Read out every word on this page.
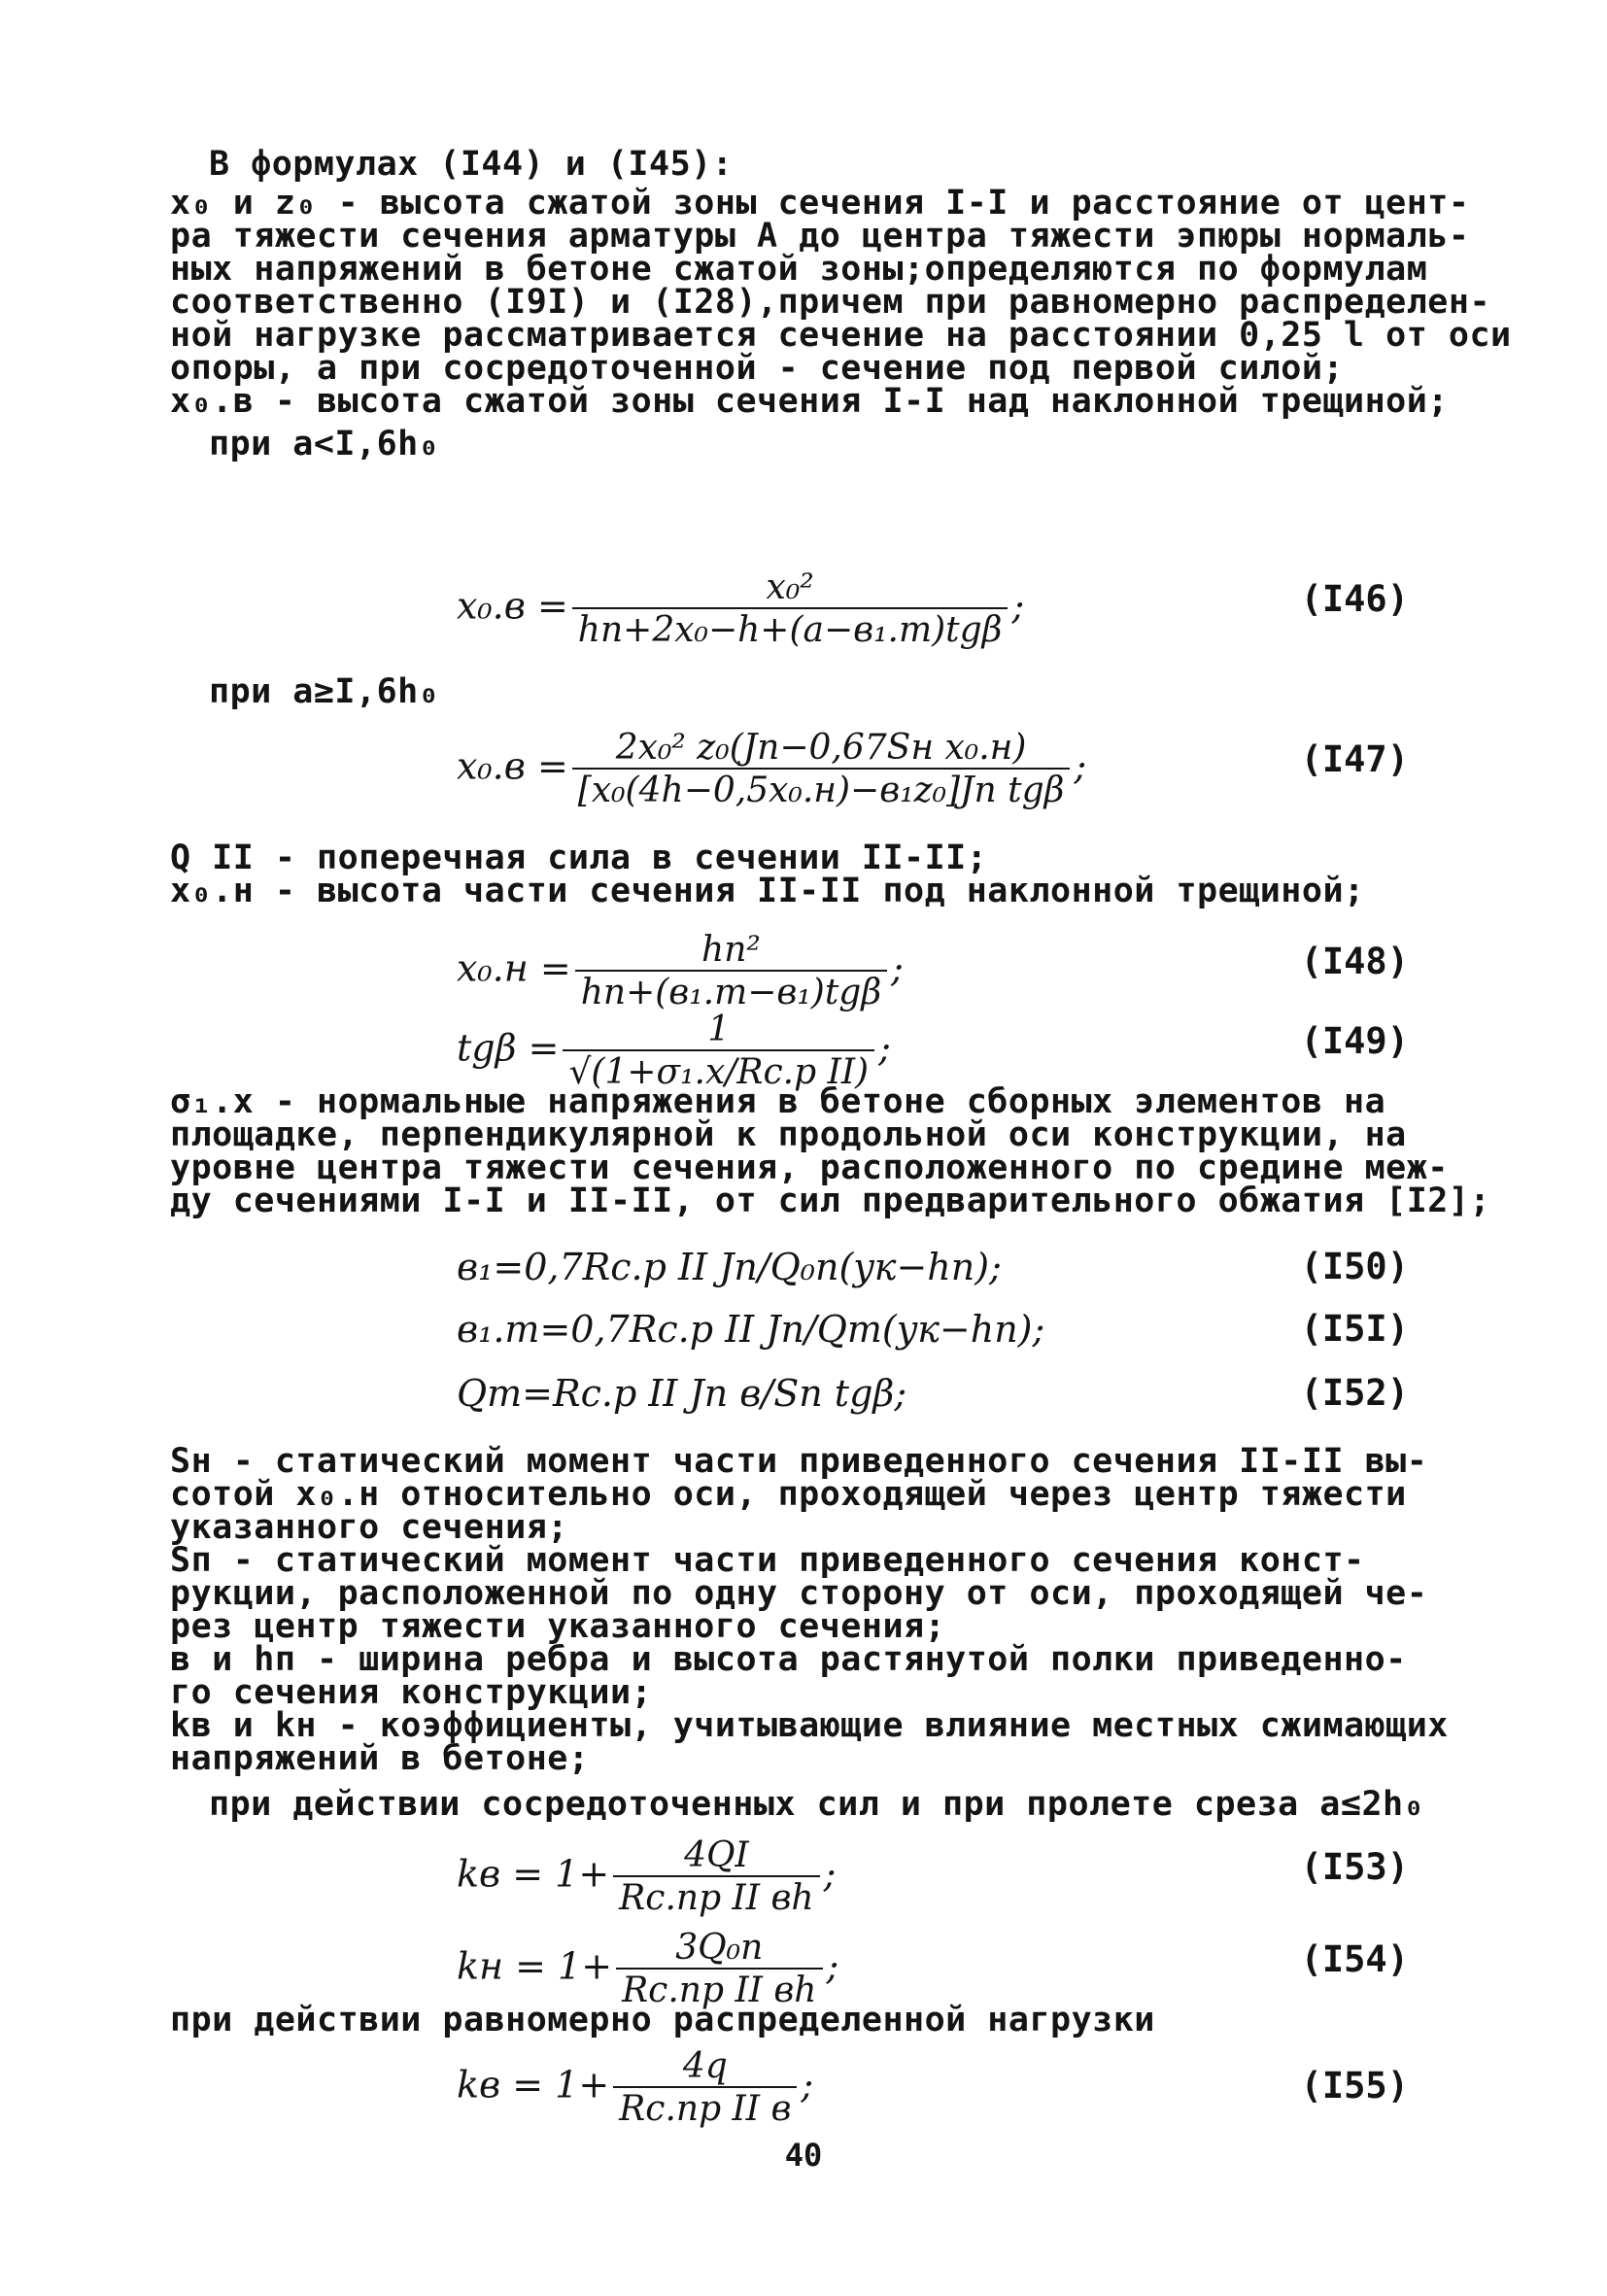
В формулах (I44) и (I45):
x₀ и z₀ - высота сжатой зоны сечения I-I и расстояние от цент-
ра тяжести сечения арматуры А до центра тяжести эпюры нормаль-
ных напряжений в бетоне сжатой зоны;определяются по формулам
соответственно (I9I) и (I28),причем при равномерно распределен-
ной нагрузке рассматривается сечение на расстоянии 0,25 l от оси
опоры, а при сосредоточенной - сечение под первой силой;
x₀.в - высота сжатой зоны сечения I-I над наклонной трещиной;
при a<I,6h₀
$x_0.в = \frac{\text{x₀²}}{\text{hп+2x₀−h+(a−в₁.т)tgβ}}$ ;	(I46)
при a≥I,6h₀
$x_0.в = \frac{\text{2x₀² z₀(Jп−0,67Sн x₀.н)}}{\text{[x₀(4h−0,5x₀.н)−в₁z₀]Jп tgβ}}$ ;	(I47)
Q II - поперечная сила в сечении II-II;
x₀.н - высота части сечения II-II под наклонной трещиной;
$x_0.н = \frac{\text{hп²}}{\text{hп+(в₁.т−в₁)tgβ}}$ ;	(I48)
$tg\beta = \frac{1}{\text{√(1+σ₁.x/Rс.р II)}}$ ;	(I49)
σ₁.x - нормальные напряжения в бетоне сборных элементов на
площадке, перпендикулярной к продольной оси конструкции, на
уровне центра тяжести сечения, расположенного по средине меж-
ду сечениями I-I и II-II, от сил предварительного обжатия [I2];
в₁=0,7Rс.р II Jп/Q₀п(yк−hп);	(I50)
в₁.т=0,7Rс.р II Jп/Qт(yк−hп);	(I5I)
Qт=Rс.р II Jп в/Sп tgβ;	(I52)
Sн - статический момент части приведенного сечения II-II вы-
сотой x₀.н относительно оси, проходящей через центр тяжести
указанного сечения;
Sп - статический момент части приведенного сечения конст-
рукции, расположенной по одну сторону от оси, проходящей че-
рез центр тяжести указанного сечения;
в и hп - ширина ребра и высота растянутой полки приведенно-
го сечения конструкции;
kв и kн - коэффициенты, учитывающие влияние местных сжимающих
напряжений в бетоне;
при действии сосредоточенных сил и при пролете среза a≤2h₀
kв = $1+ \frac{4QI}{\text{Rс.пр II вh}}$ ;	(I53)
kн = $1+ \frac{\text{3Q₀п}}{\text{Rс.пр II вh}}$ ;	(I54)
при действии равномерно распределенной нагрузки
kв = $1+ \frac{4q}{\text{Rс.пр II в}}$ ;	(I55)
40
